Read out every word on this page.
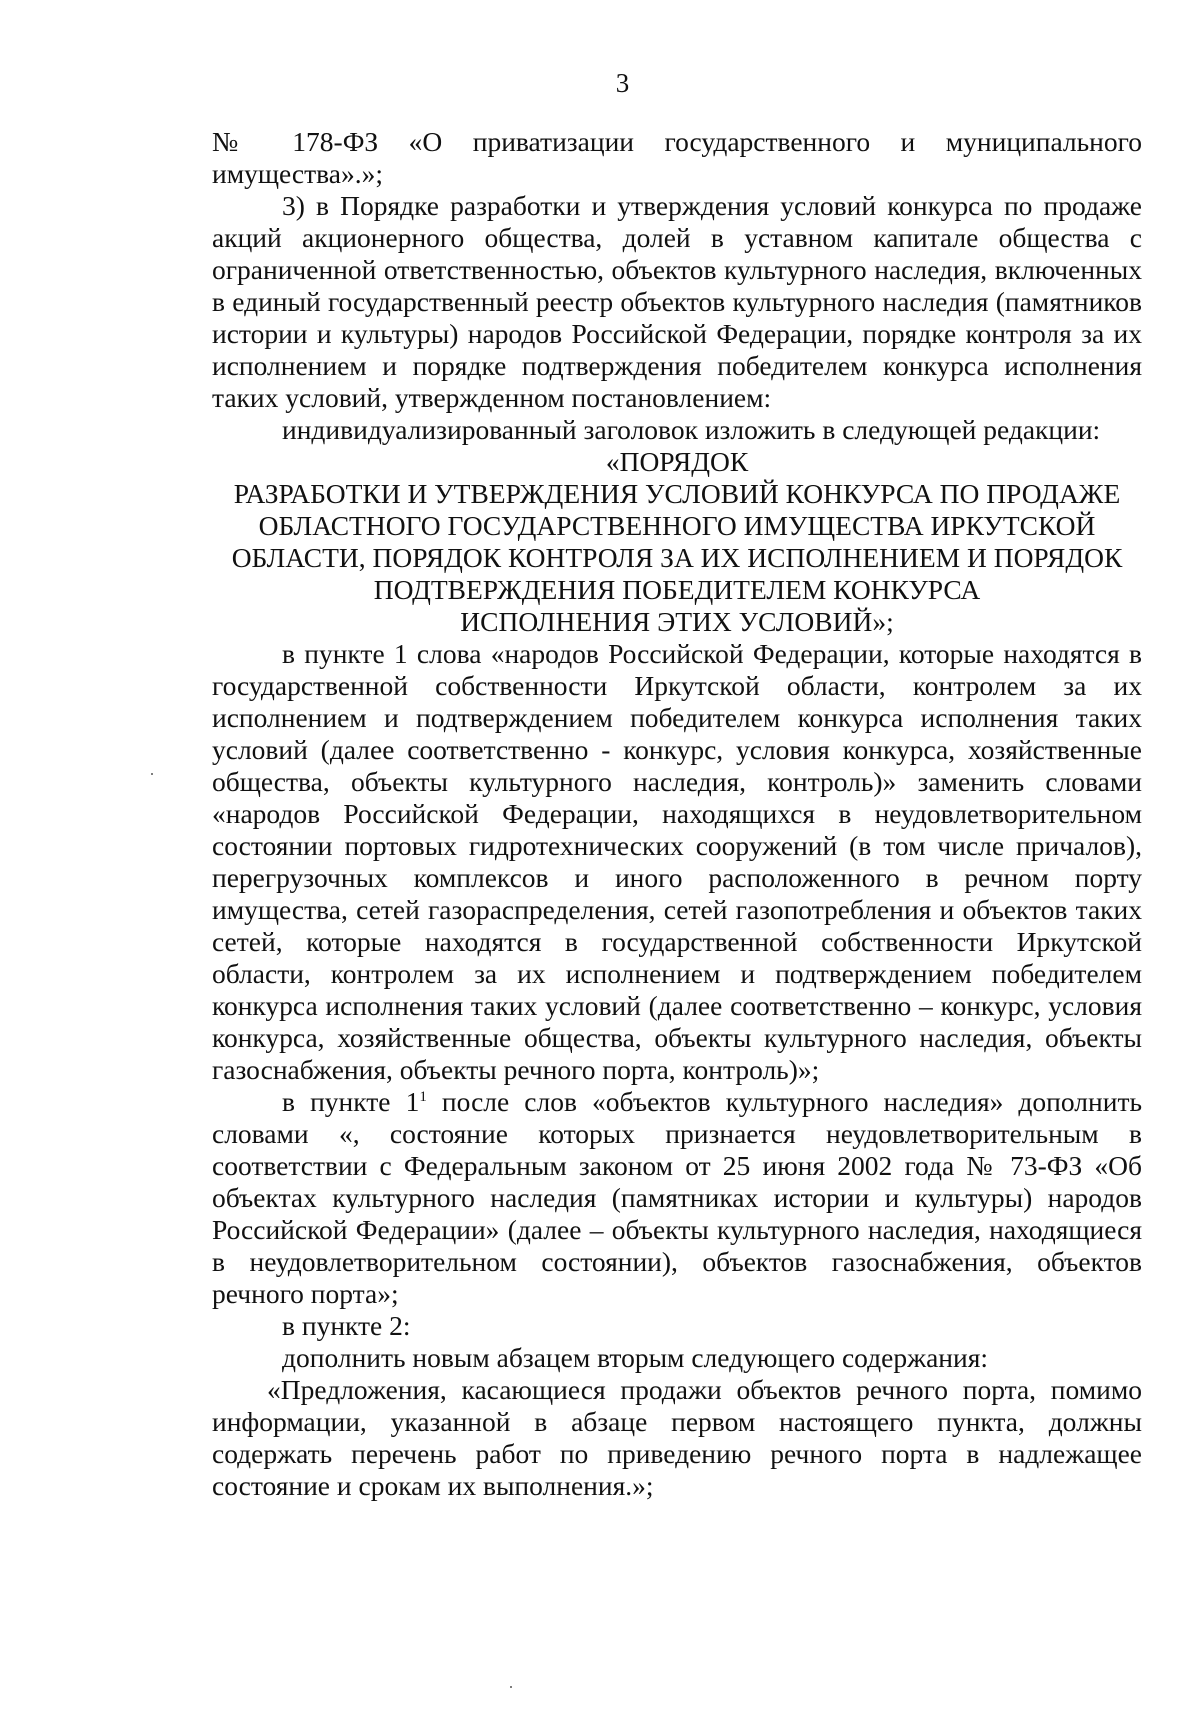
3

№ 178-ФЗ «О приватизации государственного и муниципального имущества».»;

3) в Порядке разработки и утверждения условий конкурса по продаже акций акционерного общества, долей в уставном капитале общества с ограниченной ответственностью, объектов культурного наследия, включенных в единый государственный реестр объектов культурного наследия (памятников истории и культуры) народов Российской Федерации, порядке контроля за их исполнением и порядке подтверждения победителем конкурса исполнения таких условий, утвержденном постановлением:

индивидуализированный заголовок изложить в следующей редакции:

«ПОРЯДОК
РАЗРАБОТКИ И УТВЕРЖДЕНИЯ УСЛОВИЙ КОНКУРСА ПО ПРОДАЖЕ
ОБЛАСТНОГО ГОСУДАРСТВЕННОГО ИМУЩЕСТВА ИРКУТСКОЙ
ОБЛАСТИ, ПОРЯДОК КОНТРОЛЯ ЗА ИХ ИСПОЛНЕНИЕМ И ПОРЯДОК
ПОДТВЕРЖДЕНИЯ ПОБЕДИТЕЛЕМ КОНКУРСА
ИСПОЛНЕНИЯ ЭТИХ УСЛОВИЙ»;

в пункте 1 слова «народов Российской Федерации, которые находятся в государственной собственности Иркутской области, контролем за их исполнением и подтверждением победителем конкурса исполнения таких условий (далее соответственно - конкурс, условия конкурса, хозяйственные общества, объекты культурного наследия, контроль)» заменить словами «народов Российской Федерации, находящихся в неудовлетворительном состоянии портовых гидротехнических сооружений (в том числе причалов), перегрузочных комплексов и иного расположенного в речном порту имущества, сетей газораспределения, сетей газопотребления и объектов таких сетей, которые находятся в государственной собственности Иркутской области, контролем за их исполнением и подтверждением победителем конкурса исполнения таких условий (далее соответственно – конкурс, условия конкурса, хозяйственные общества, объекты культурного наследия, объекты газоснабжения, объекты речного порта, контроль)»;

в пункте $1^1$ после слов «объектов культурного наследия» дополнить словами «, состояние которых признается неудовлетворительным в соответствии с Федеральным законом от 25 июня 2002 года № 73-ФЗ «Об объектах культурного наследия (памятниках истории и культуры) народов Российской Федерации» (далее – объекты культурного наследия, находящиеся в неудовлетворительном состоянии), объектов газоснабжения, объектов речного порта»;

в пункте 2:

дополнить новым абзацем вторым следующего содержания:

«Предложения, касающиеся продажи объектов речного порта, помимо информации, указанной в абзаце первом настоящего пункта, должны содержать перечень работ по приведению речного порта в надлежащее состояние и срокам их выполнения.»;
